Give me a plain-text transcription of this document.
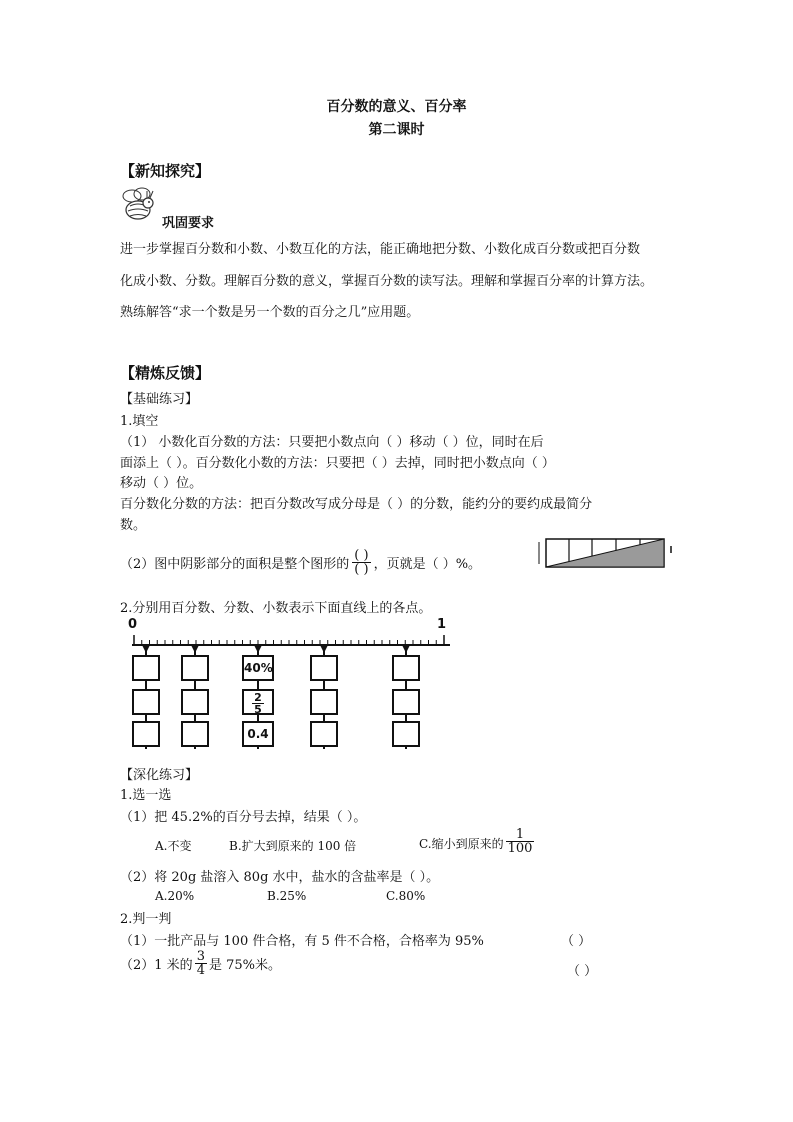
百分数的意义、百分率
第二课时
【新知探究】
巩固要求
进一步掌握百分数和小数、小数互化的方法，能正确地把分数、小数化成百分数或把百分数
化成小数、分数。理解百分数的意义，掌握百分数的读写法。理解和掌握百分率的计算方法。
熟练解答“求一个数是另一个数的百分之几”应用题。
【精炼反馈】
【基础练习】
1.填空
（1） 小数化百分数的方法：只要把小数点向（ ）移动（ ）位，同时在后
面添上（ ）。百分数化小数的方法：只要把（ ）去掉，同时把小数点向（ ）
移动（ ）位。
百分数化分数的方法：把百分数改写成分母是（ ）的分数，能约分的要约成最简分
数。
（2）图中阴影部分的面积是整个图形的 $\frac{( )}{( )}$ ，页就是（ ）%。
2.分别用百分数、分数、小数表示下面直线上的各点。
0	1
40%
$\frac{2}{5}$
0.4
【深化练习】
1.选一选
（1）把 45.2%的百分号去掉，结果（ ）。
A.不变	B.扩大到原来的 100 倍	C.缩小到原来的 $\frac{1}{100}$
（2）将 20g 盐溶入 80g 水中，盐水的含盐率是（ ）。
A.20%	B.25%	C.80%
2.判一判
（1）一批产品与 100 件合格，有 5 件不合格，合格率为 95%	（ ）
（2）1 米的 $\frac{3}{4}$ 是 75%米。	（ ）
